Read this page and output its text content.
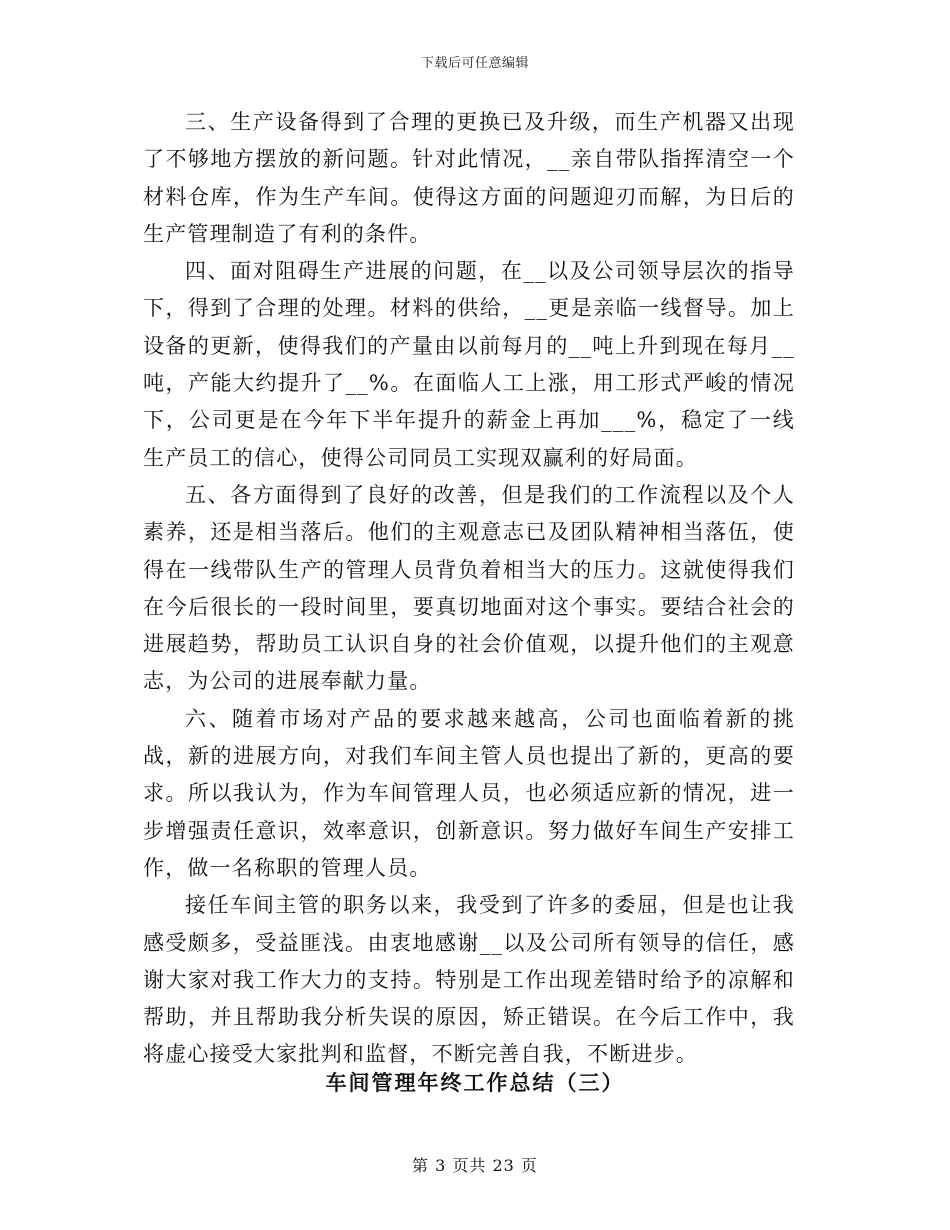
下载后可任意编辑

三、生产设备得到了合理的更换已及升级，而生产机器又出现了不够地方摆放的新问题。针对此情况，__亲自带队指挥清空一个材料仓库，作为生产车间。使得这方面的问题迎刃而解，为日后的生产管理制造了有利的条件。

四、面对阻碍生产进展的问题，在__以及公司领导层次的指导下，得到了合理的处理。材料的供给，__更是亲临一线督导。加上设备的更新，使得我们的产量由以前每月的__吨上升到现在每月__吨，产能大约提升了__%。在面临人工上涨，用工形式严峻的情况下，公司更是在今年下半年提升的薪金上再加___%，稳定了一线生产员工的信心，使得公司同员工实现双赢利的好局面。

五、各方面得到了良好的改善，但是我们的工作流程以及个人素养，还是相当落后。他们的主观意志已及团队精神相当落伍，使得在一线带队生产的管理人员背负着相当大的压力。这就使得我们在今后很长的一段时间里，要真切地面对这个事实。要结合社会的进展趋势，帮助员工认识自身的社会价值观，以提升他们的主观意志，为公司的进展奉献力量。

六、随着市场对产品的要求越来越高，公司也面临着新的挑战，新的进展方向，对我们车间主管人员也提出了新的，更高的要求。所以我认为，作为车间管理人员，也必须适应新的情况，进一步增强责任意识，效率意识，创新意识。努力做好车间生产安排工作，做一名称职的管理人员。

接任车间主管的职务以来，我受到了许多的委屈，但是也让我感受颇多，受益匪浅。由衷地感谢__以及公司所有领导的信任，感谢大家对我工作大力的支持。特别是工作出现差错时给予的凉解和帮助，并且帮助我分析失误的原因，矫正错误。在今后工作中，我将虚心接受大家批判和监督，不断完善自我，不断进步。

车间管理年终工作总结（三）
第 3 页共 23 页
